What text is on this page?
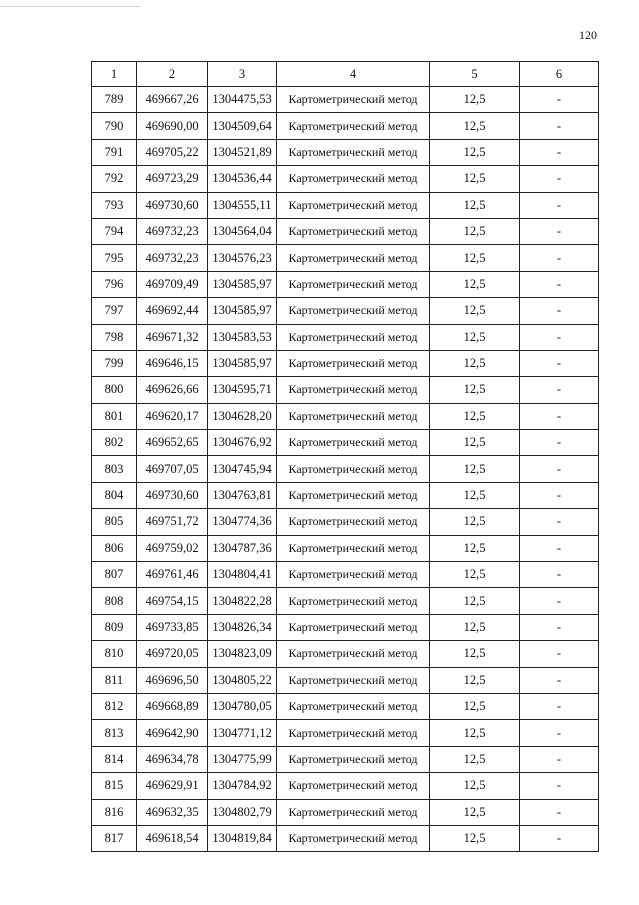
120
1	2	3	4	5	6
789	469667,26	1304475,53	Картометрический метод	12,5	-
790	469690,00	1304509,64	Картометрический метод	12,5	-
791	469705,22	1304521,89	Картометрический метод	12,5	-
792	469723,29	1304536,44	Картометрический метод	12,5	-
793	469730,60	1304555,11	Картометрический метод	12,5	-
794	469732,23	1304564,04	Картометрический метод	12,5	-
795	469732,23	1304576,23	Картометрический метод	12,5	-
796	469709,49	1304585,97	Картометрический метод	12,5	-
797	469692,44	1304585,97	Картометрический метод	12,5	-
798	469671,32	1304583,53	Картометрический метод	12,5	-
799	469646,15	1304585,97	Картометрический метод	12,5	-
800	469626,66	1304595,71	Картометрический метод	12,5	-
801	469620,17	1304628,20	Картометрический метод	12,5	-
802	469652,65	1304676,92	Картометрический метод	12,5	-
803	469707,05	1304745,94	Картометрический метод	12,5	-
804	469730,60	1304763,81	Картометрический метод	12,5	-
805	469751,72	1304774,36	Картометрический метод	12,5	-
806	469759,02	1304787,36	Картометрический метод	12,5	-
807	469761,46	1304804,41	Картометрический метод	12,5	-
808	469754,15	1304822,28	Картометрический метод	12,5	-
809	469733,85	1304826,34	Картометрический метод	12,5	-
810	469720,05	1304823,09	Картометрический метод	12,5	-
811	469696,50	1304805,22	Картометрический метод	12,5	-
812	469668,89	1304780,05	Картометрический метод	12,5	-
813	469642,90	1304771,12	Картометрический метод	12,5	-
814	469634,78	1304775,99	Картометрический метод	12,5	-
815	469629,91	1304784,92	Картометрический метод	12,5	-
816	469632,35	1304802,79	Картометрический метод	12,5	-
817	469618,54	1304819,84	Картометрический метод	12,5	-
